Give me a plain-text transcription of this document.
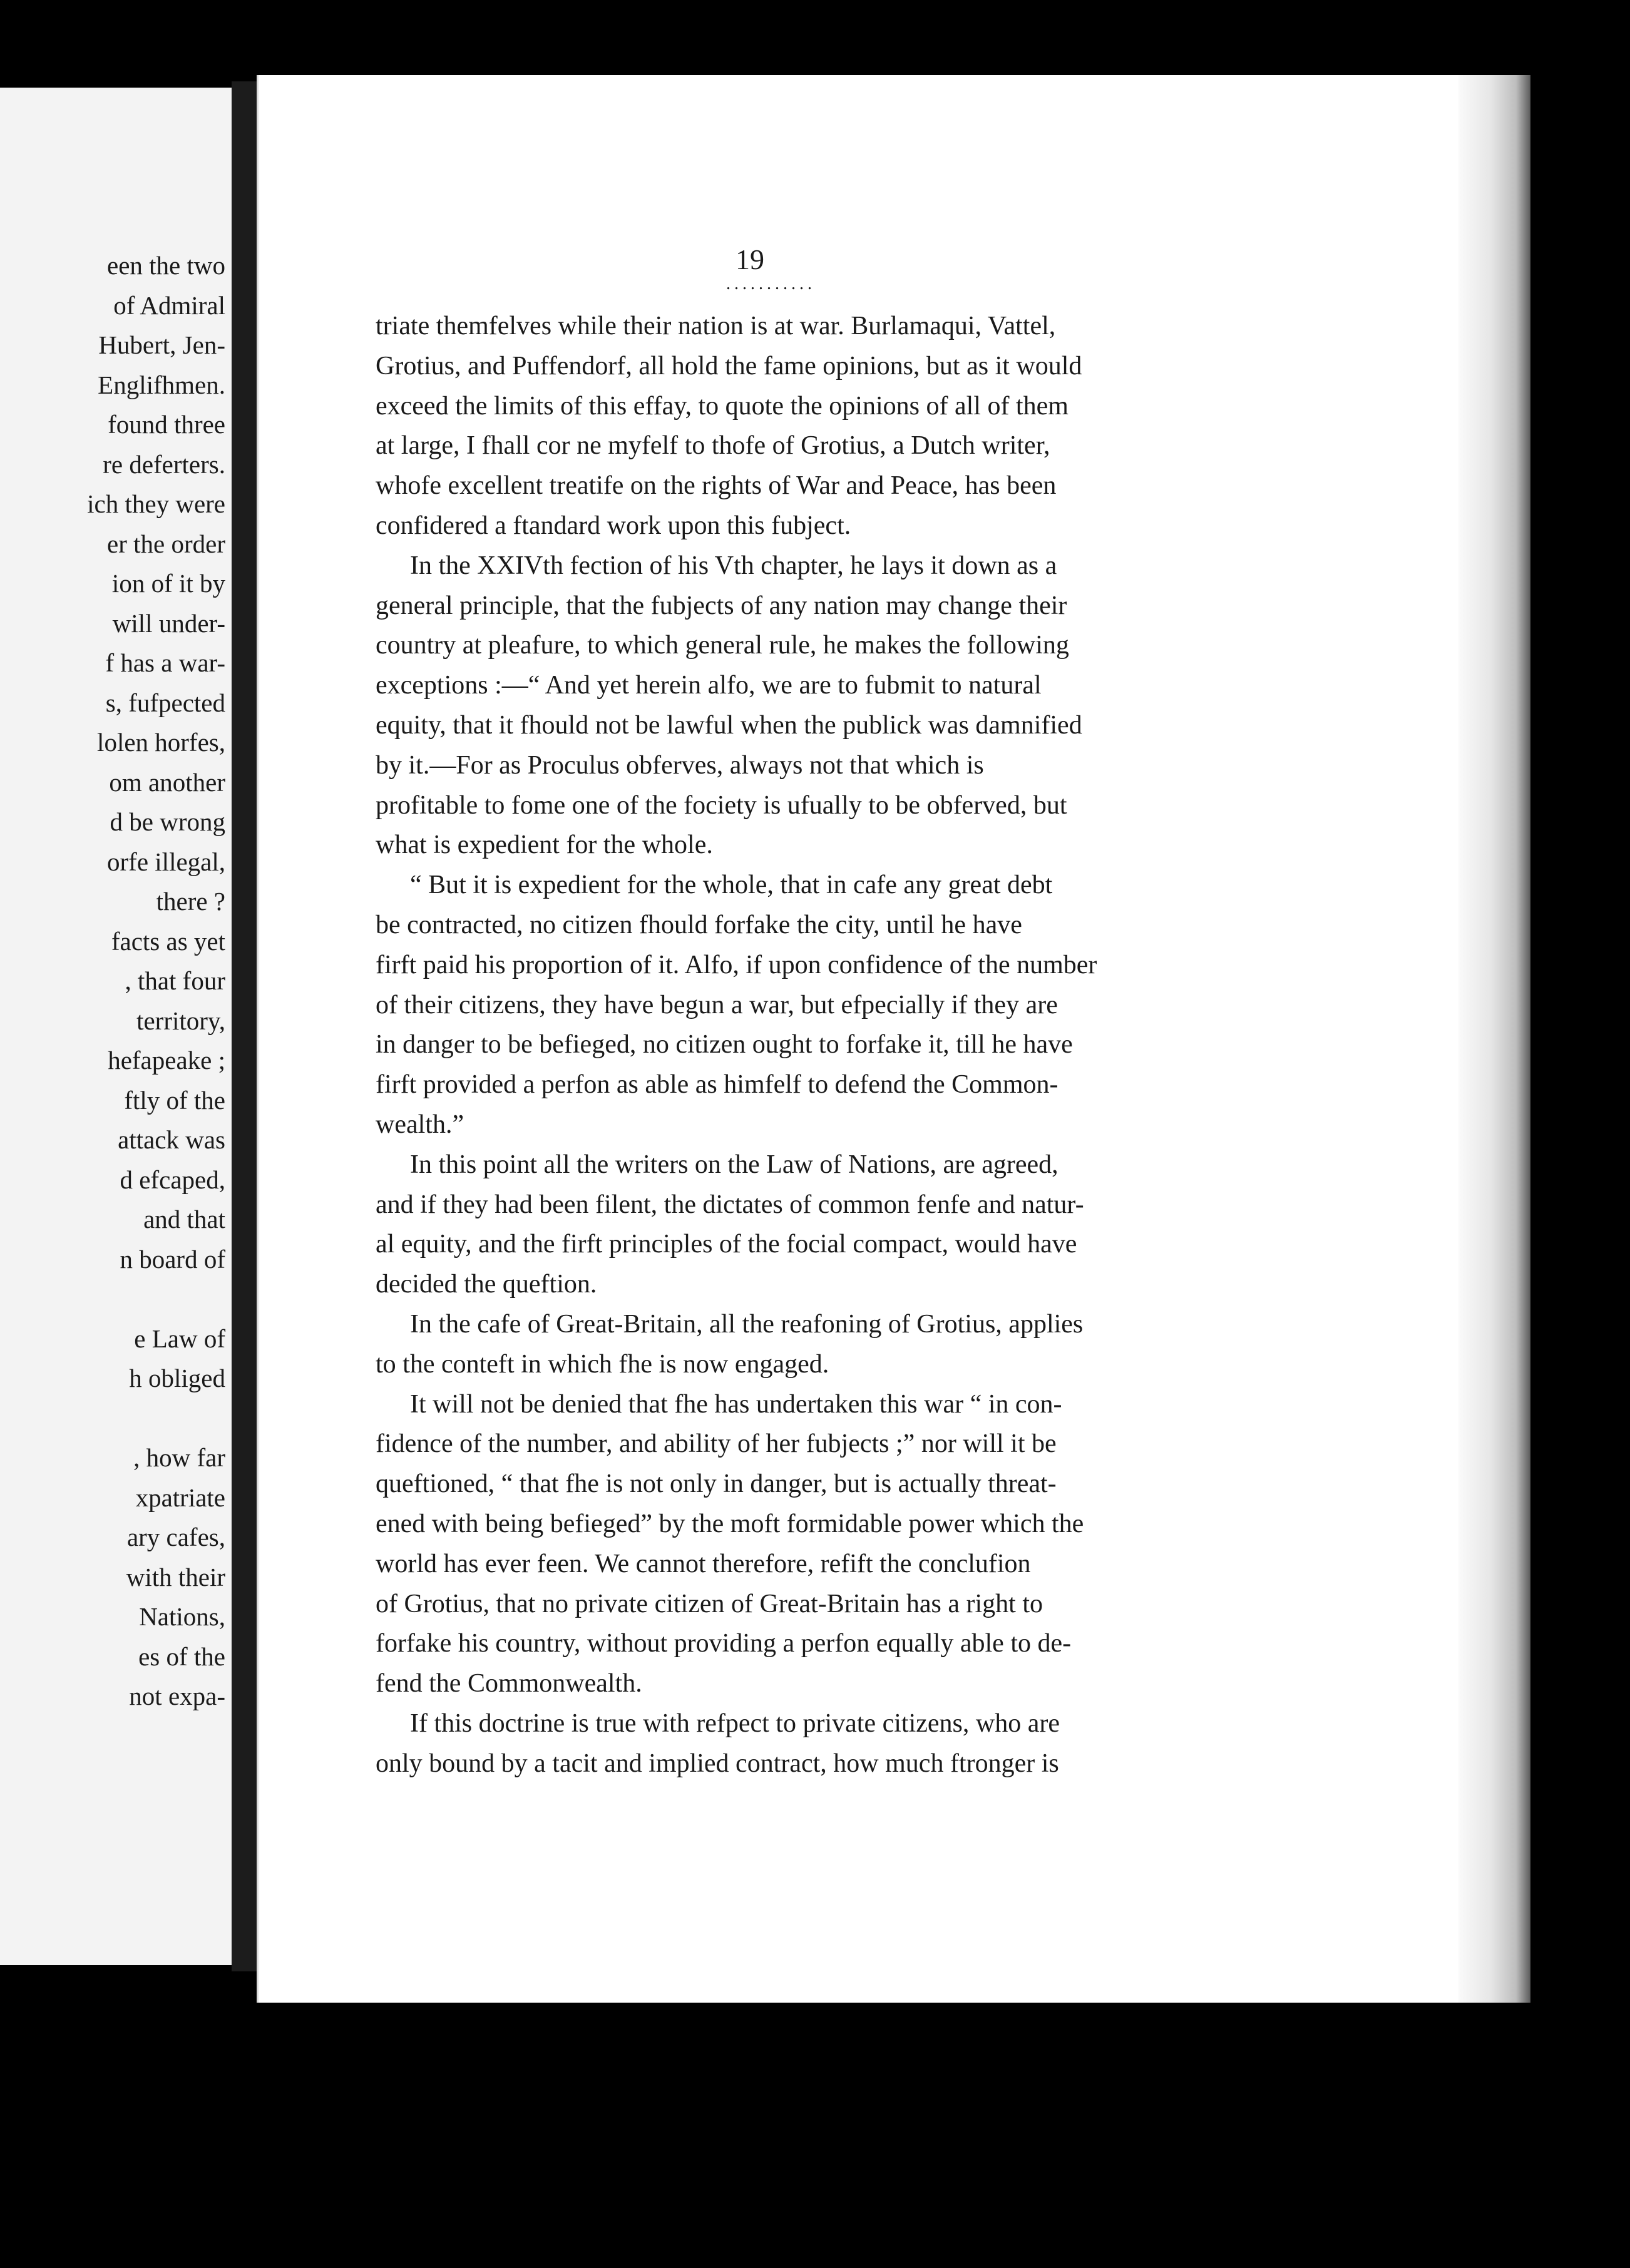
een the two
of Admiral
Hubert, Jen-
Englifhmen.
found three
re deferters.
ich they were
er the order
ion of it by
will under-
f has a war-
s, fufpected
lolen horfes,
om another
d be wrong
orfe illegal,
there ?
facts as yet
, that four
territory,
hefapeake ;
ftly of the
attack was
d efcaped,
and that
n board of
e Law of
h obliged
, how far
xpatriate
ary cafes,
with their
Nations,
es of the
not expa-
19
...........
triate themfelves while their nation is at war. Burlamaqui, Vattel,
Grotius, and Puffendorf, all hold the fame opinions, but as it would
exceed the limits of this effay, to quote the opinions of all of them
at large, I fhall cor ne myfelf to thofe of Grotius, a Dutch writer,
whofe excellent treatife on the rights of War and Peace, has been
confidered a ftandard work upon this fubject.
In the XXIVth fection of his Vth chapter, he lays it down as a
general principle, that the fubjects of any nation may change their
country at pleafure, to which general rule, he makes the following
exceptions :—“ And yet herein alfo, we are to fubmit to natural
equity, that it fhould not be lawful when the publick was damnified
by it.—For as Proculus obferves, always not that which is
profitable to fome one of the fociety is ufually to be obferved, but
what is expedient for the whole.
“ But it is expedient for the whole, that in cafe any great debt
be contracted, no citizen fhould forfake the city, until he have
firft paid his proportion of it. Alfo, if upon confidence of the number
of their citizens, they have begun a war, but efpecially if they are
in danger to be befieged, no citizen ought to forfake it, till he have
firft provided a perfon as able as himfelf to defend the Common-
wealth.”
In this point all the writers on the Law of Nations, are agreed,
and if they had been filent, the dictates of common fenfe and natur-
al equity, and the firft principles of the focial compact, would have
decided the queftion.
In the cafe of Great-Britain, all the reafoning of Grotius, applies
to the conteft in which fhe is now engaged.
It will not be denied that fhe has undertaken this war “ in con-
fidence of the number, and ability of her fubjects ;” nor will it be
queftioned, “ that fhe is not only in danger, but is actually threat-
ened with being befieged” by the moft formidable power which the
world has ever feen. We cannot therefore, refift the conclufion
of Grotius, that no private citizen of Great-Britain has a right to
forfake his country, without providing a perfon equally able to de-
fend the Commonwealth.
If this doctrine is true with refpect to private citizens, who are
only bound by a tacit and implied contract, how much ftronger is
